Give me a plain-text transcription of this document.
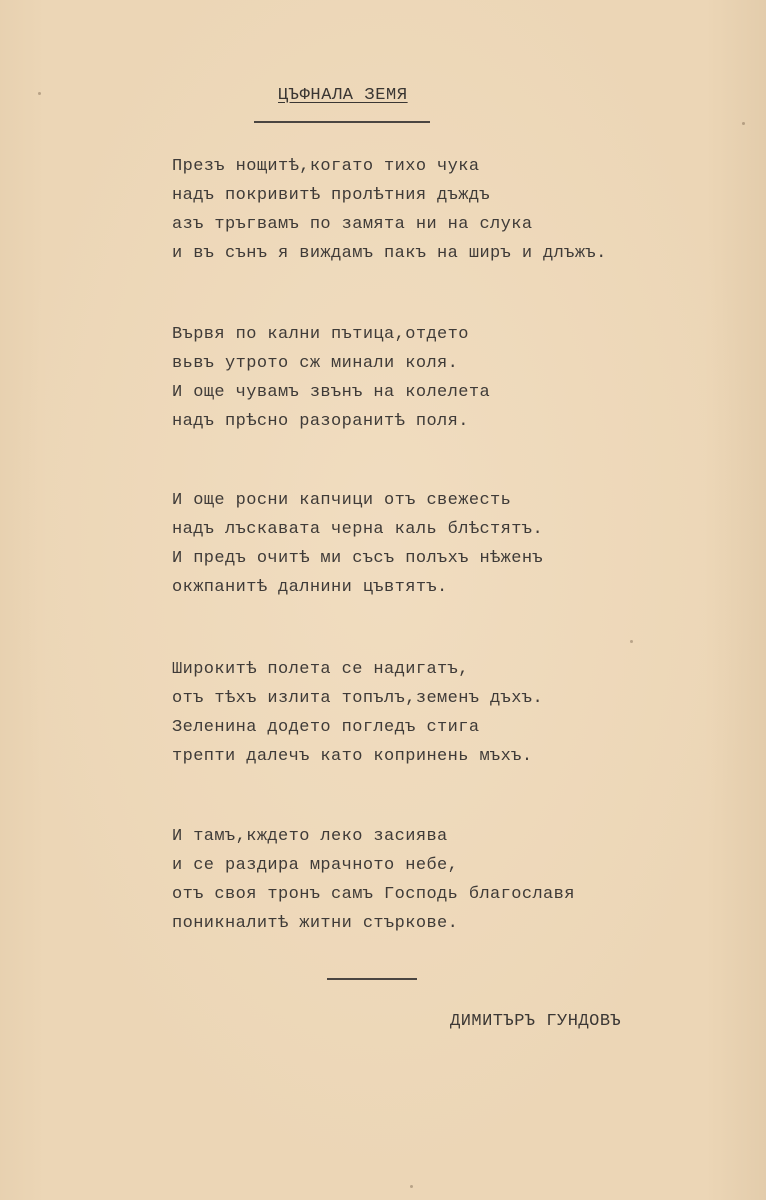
ЦЪФНАЛА ЗЕМЯ
Презъ нощитѣ,когато тихо чука
надъ покривитѣ пролѣтния дъждъ
азъ тръгвамъ по замята ни на слука
и въ сънъ я виждамъ пакъ на ширъ и длъжъ.
Вървя по кални пътица,отдето
вьвъ утрото сж минали коля.
И още чувамъ звънъ на колелета
надъ прѣсно разоранитѣ поля.
И още росни капчици отъ свежесть
надъ лъскавата черна каль блѣстятъ.
И предъ очитѣ ми съсъ полъхъ нѣженъ
окжпанитѣ далнини цъвтятъ.
Широкитѣ полета се надигатъ,
отъ тѣхъ излита топълъ,земенъ дъхъ.
Зеленина додето погледъ стига
трепти далечъ като копринень мъхъ.
И тамъ,кждето леко засиява
и се раздира мрачното небе,
отъ своя тронъ самъ Господь благославя
поникналитѣ житни стъркове.
ДИМИТЪРЪ ГУНДОВЪ
